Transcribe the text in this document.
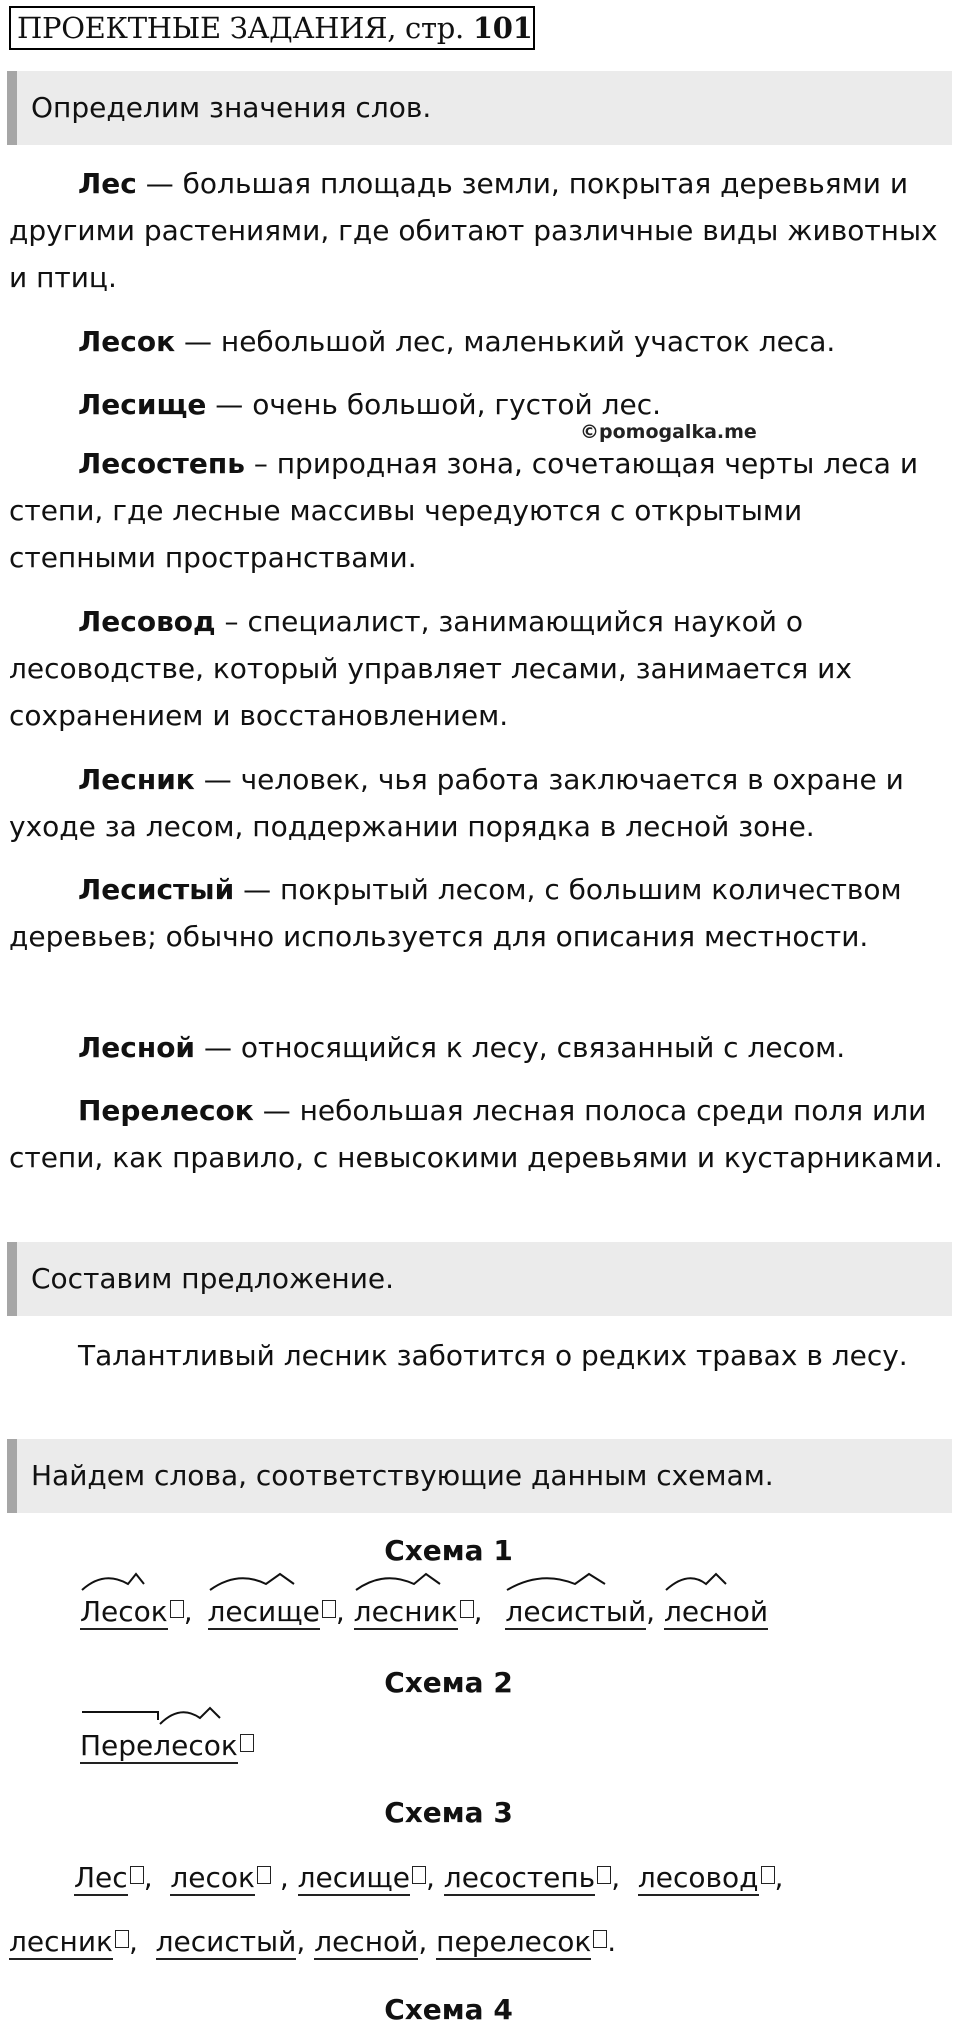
ПРОЕКТНЫЕ ЗАДАНИЯ, стр. 101
Определим значения слов.

Лес — большая площадь земли, покрытая деревьями и другими растениями, где обитают различные виды животных и птиц.

Лесок — небольшой лес, маленький участок леса.

Лесище — очень большой, густой лес.

©pomogalka.me

Лесостепь – природная зона, сочетающая черты леса и степи, где лесные массивы чередуются с открытыми степными пространствами.

Лесовод – специалист, занимающийся наукой о лесоводстве, который управляет лесами, занимается их сохранением и восстановлением.

Лесник — человек, чья работа заключается в охране и уходе за лесом, поддержании порядка в лесной зоне.

Лесистый — покрытый лесом, с большим количеством деревьев; обычно используется для описания местности.

Лесной — относящийся к лесу, связанный с лесом.

Перелесок — небольшая лесная полоса среди поля или степи, как правило, с невысокими деревьями и кустарниками.

Составим предложение.

Талантливый лесник заботится о редких травах в лесу.

Найдем слова, соответствующие данным схемам.
Схема 1
Лесок , лесище , лесник , лесистый
, лесной
Схема 2
Перелесок
Схема 3
Лес ,  лесок , лесище , лесостепь ,  лесовод ,
лесник ,  лесистый, лесной, перелесок .
Схема 4
